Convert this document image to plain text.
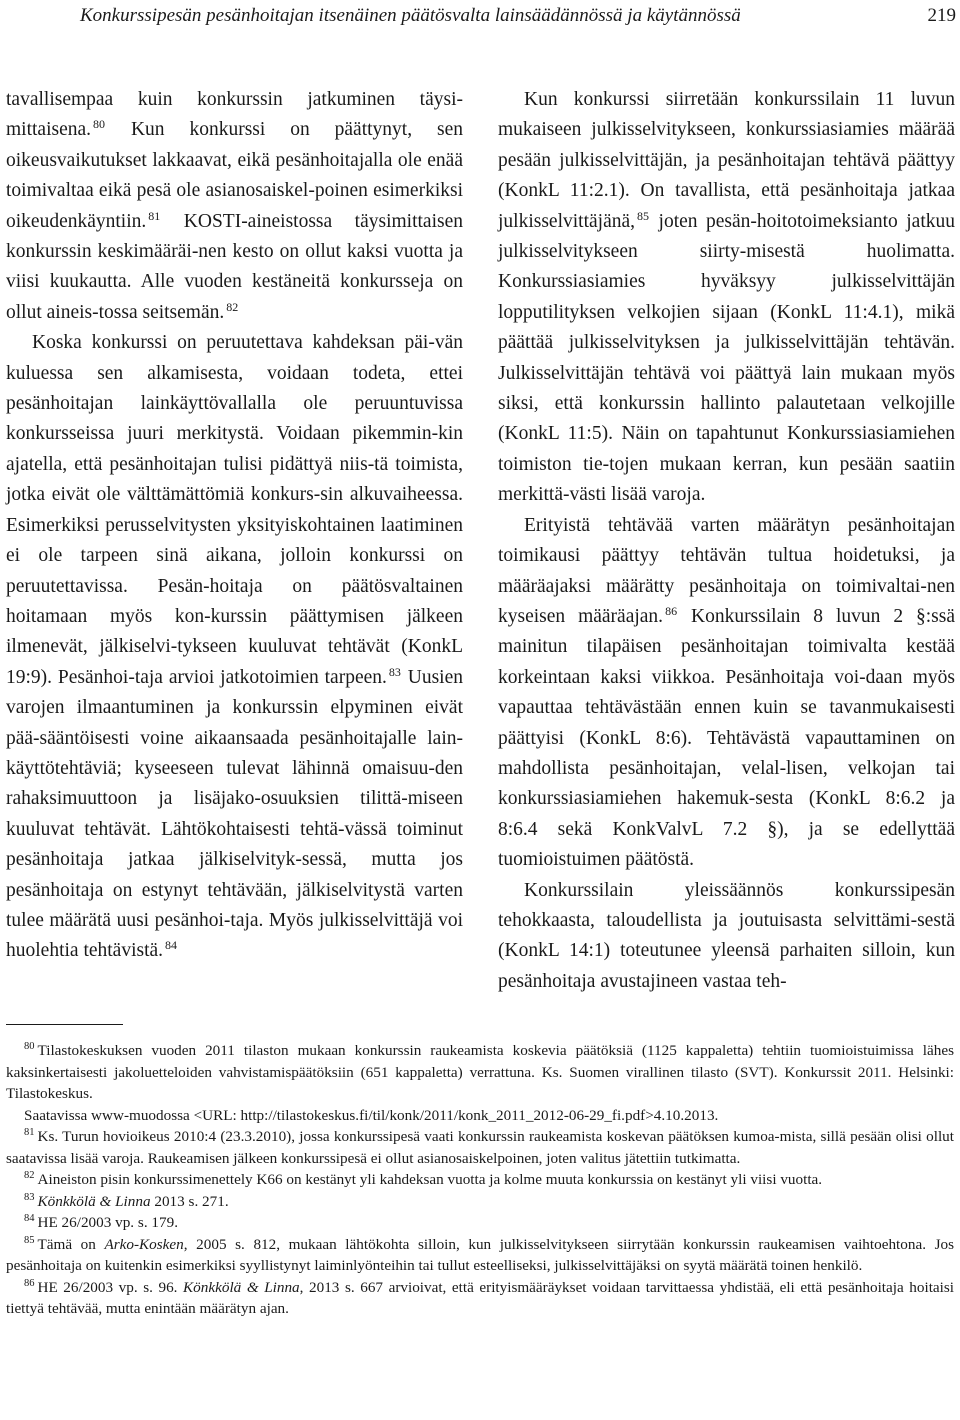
Konkurssipesän pesänhoitajan itsenäinen päätösvalta lainsäädännössä ja käytännössä	219

tavallisempaa kuin konkurssin jatkuminen täysi-mittaisena. $^{80}$ Kun konkurssi on päättynyt, sen oikeusvaikutukset lakkaavat, eikä pesänhoitajalla ole enää toimivaltaa eikä pesä ole asianosaiskel-poinen esimerkiksi oikeudenkäyntiin. $^{81}$ KOSTI-aineistossa täysimittaisen konkurssin keskimääräi-nen kesto on ollut kaksi vuotta ja viisi kuukautta. Alle vuoden kestäneitä konkursseja on ollut aineis-tossa seitsemän. $^{82}$

Koska konkurssi on peruutettava kahdeksan päi-vän kuluessa sen alkamisesta, voidaan todeta, ettei pesänhoitajan lainkäyttövallalla ole peruuntuvissa konkursseissa juuri merkitystä. Voidaan pikemmin-kin ajatella, että pesänhoitajan tulisi pidättyä niis-tä toimista, jotka eivät ole välttämättömiä konkurs-sin alkuvaiheessa. Esimerkiksi perusselvitysten yksityiskohtainen laatiminen ei ole tarpeen sinä aikana, jolloin konkurssi on peruutettavissa. Pesän-hoitaja on päätösvaltainen hoitamaan myös kon-kurssin päättymisen jälkeen ilmenevät, jälkiselvi-tykseen kuuluvat tehtävät (KonkL 19:9). Pesänhoi-taja arvioi jatkotoimien tarpeen. $^{83}$ Uusien varojen ilmaantuminen ja konkurssin elpyminen eivät pää-sääntöisesti voine aikaansaada pesänhoitajalle lain-käyttötehtäviä; kyseeseen tulevat lähinnä omaisuu-den rahaksimuuttoon ja lisäjako-osuuksien tilittä-miseen kuuluvat tehtävät. Lähtökohtaisesti tehtä-vässä toiminut pesänhoitaja jatkaa jälkiselvityk-sessä, mutta jos pesänhoitaja on estynyt tehtävään, jälkiselvitystä varten tulee määrätä uusi pesänhoi-taja. Myös julkisselvittäjä voi huolehtia tehtävistä. $^{84}$

Kun konkurssi siirretään konkurssilain 11 luvun mukaiseen julkisselvitykseen, konkurssiasiamies määrää pesään julkisselvittäjän, ja pesänhoitajan tehtävä päättyy (KonkL 11:2.1). On tavallista, että pesänhoitaja jatkaa julkisselvittäjänä, $^{85}$ joten pesän-hoitotoimeksianto jatkuu julkisselvitykseen siirty-misestä huolimatta. Konkurssiasiamies hyväksyy julkisselvittäjän lopputilityksen velkojien sijaan (KonkL 11:4.1), mikä päättää julkisselvityksen ja julkisselvittäjän tehtävän. Julkisselvittäjän tehtävä voi päättyä lain mukaan myös siksi, että konkurssin hallinto palautetaan velkojille (KonkL 11:5). Näin on tapahtunut Konkurssiasiamiehen toimiston tie-tojen mukaan kerran, kun pesään saatiin merkittä-västi lisää varoja.

Erityistä tehtävää varten määrätyn pesänhoitajan toimikausi päättyy tehtävän tultua hoidetuksi, ja määräajaksi määrätty pesänhoitaja on toimivaltai-nen kyseisen määräajan. $^{86}$ Konkurssilain 8 luvun 2 §:ssä mainitun tilapäisen pesänhoitajan toimivalta kestää korkeintaan kaksi viikkoa. Pesänhoitaja voi-daan myös vapauttaa tehtävästään ennen kuin se tavanmukaisesti päättyisi (KonkL 8:6). Tehtävästä vapauttaminen on mahdollista pesänhoitajan, velal-lisen, velkojan tai konkurssiasiamiehen hakemuk-sesta (KonkL 8:6.2 ja 8:6.4 sekä KonkValvL 7.2 §), ja se edellyttää tuomioistuimen päätöstä.

Konkurssilain yleissäännös konkurssipesän tehokkaasta, taloudellista ja joutuisasta selvittämi-sestä (KonkL 14:1) toteutunee yleensä parhaiten silloin, kun pesänhoitaja avustajineen vastaa teh-

$^{80}$ Tilastokeskuksen vuoden 2011 tilaston mukaan konkurssin raukeamista koskevia päätöksiä (1125 kappaletta) tehtiin tuomioistuimissa lähes kaksinkertaisesti jakoluetteloiden vahvistamispäätöksiin (651 kappaletta) verrattuna. Ks. Suomen virallinen tilasto (SVT). Konkurssit 2011. Helsinki: Tilastokeskus.

Saatavissa www-muodossa <URL: http://tilastokeskus.fi/til/konk/2011/konk_2011_2012-06-29_fi.pdf>4.10.2013.

$^{81}$ Ks. Turun hovioikeus 2010:4 (23.3.2010), jossa konkurssipesä vaati konkurssin raukeamista koskevan päätöksen kumoa-mista, sillä pesään olisi ollut saatavissa lisää varoja. Raukeamisen jälkeen konkurssipesä ei ollut asianosaiskelpoinen, joten valitus jätettiin tutkimatta.

$^{82}$ Aineiston pisin konkurssimenettely K66 on kestänyt yli kahdeksan vuotta ja kolme muuta konkurssia on kestänyt yli viisi vuotta.

$^{83}$ Könkkölä & Linna 2013 s. 271.

$^{84}$ HE 26/2003 vp. s. 179.

$^{85}$ Tämä on Arko-Kosken, 2005 s. 812, mukaan lähtökohta silloin, kun julkisselvitykseen siirrytään konkurssin raukeamisen vaihtoehtona. Jos pesänhoitaja on kuitenkin esimerkiksi syyllistynyt laiminlyönteihin tai tullut esteelliseksi, julkisselvittäjäksi on syytä määrätä toinen henkilö.

$^{86}$ HE 26/2003 vp. s. 96. Könkkölä & Linna, 2013 s. 667 arvioivat, että erityismääräykset voidaan tarvittaessa yhdistää, eli että pesänhoitaja hoitaisi tiettyä tehtävää, mutta enintään määrätyn ajan.
